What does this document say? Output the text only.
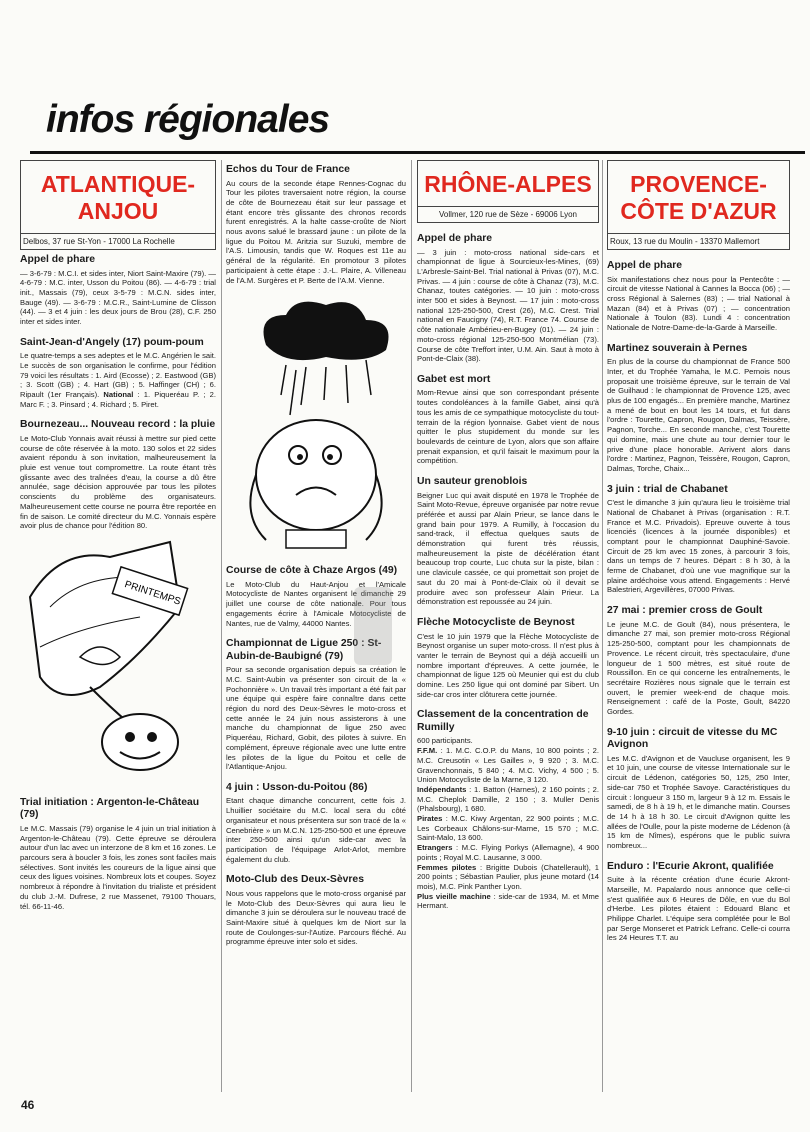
infos régionales
ATLANTIQUE-ANJOU
Delbos, 37 rue St-Yon - 17000 La Rochelle
Appel de phare

— 3-6-79 : M.C.I. et sides inter, Niort Saint-Maxire (79). — 4-6-79 : M.C. inter, Usson du Poitou (86). — 4-6-79 : trial init., Massais (79), ceux 3-5-79 : M.C.N. sides inter, Bauge (49). — 3-6-79 : M.C.R., Saint-Lumine de Clisson (44). — 3 et 4 juin : les deux jours de Brou (28), C.F. 250 inter et sides inter.

Saint-Jean-d'Angely (17) poum-poum

Le quatre-temps a ses adeptes et le M.C. Angérien le sait. Le succès de son organisation le confirme, pour l'édition 79 voici les résultats : 1. Aird (Ecosse) ; 2. Eastwood (GB) ; 3. Scott (GB) ; 4. Hart (GB) ; 5. Haffinger (CH) ; 6. Ripault (1er Français). National : 1. Piqueréau P. ; 2. Marc F. ; 3. Pinsard ; 4. Richard ; 5. Piret.

Bournezeau... Nouveau record : la pluie

Le Moto-Club Yonnais avait réussi à mettre sur pied cette course de côte réservée à la moto. 130 solos et 22 sides avaient répondu à son invitation, malheureusement la pluie est venue tout compromettre. La route étant très glissante avec des traînées d'eau, la course a dû être annulée, sage décision approuvée par tous les pilotes conscients du problème des organisateurs. Malheureusement cette course ne pourra être reportée en fin de saison. Le comité directeur du M.C. Yonnais espère avoir plus de chance pour l'édition 80.

PRINTEMPS
Trial initiation : Argenton-le-Château (79)

Le M.C. Massais (79) organise le 4 juin un trial initiation à Argenton-le-Château (79). Cette épreuve se déroulera autour d'un lac avec un interzone de 8 km et 16 zones. Le parcours sera à boucler 3 fois, les zones sont faciles mais sélectives. Sont invités les coureurs de la ligue ainsi que ceux des ligues voisines. Nombreux lots et coupes. Soyez nombreux à répondre à l'invitation du trialiste et président du club J.-M. Dufrese, 2 rue Massenet, 79100 Thouars, tél. 66-11-46.

Echos du Tour de France

Au cours de la seconde étape Rennes-Cognac du Tour les pilotes traversaient notre région, la course de côte de Bournezeau était sur leur passage et étant encore très glissante des chronos records furent enregistrés. A la halte casse-croûte de Niort nous avons salué le brassard jaune : un pilote de la ligue du Poitou M. Aritzia sur Suzuki, membre de l'A.S. Limousin, tandis que W. Roques est 11e au général de la régularité. En promotour 3 pilotes participaient à cette étape : J.-L. Plaire, A. Villeneau de l'A.M. Surgères et P. Berte de l'A.M. Vienne.

Course de côte à Chaze Argos (49)

Le Moto-Club du Haut-Anjou et l'Amicale Motocycliste de Nantes organisent le dimanche 29 juillet une course de côte nationale. Pour tous engagements écrire à l'Amicale Motocycliste de Nantes, rue de Valmy, 44000 Nantes.

Championnat de Ligue 250 : St-Aubin-de-Baubigné (79)

Pour sa seconde organisation depuis sa création le M.C. Saint-Aubin va présenter son circuit de la « Pochonnière ». Un travail très important a été fait par une équipe qui espère faire connaître dans cette région du nord des Deux-Sèvres le moto-cross et cette année le 24 juin nous assisterons à une manche du championnat de ligue 250 avec Piqueréau, Richard, Gobit, des pilotes à suivre. En complément, épreuve régionale avec une lutte entre les pilotes de la ligue du Poitou et celle de l'Atlantique-Anjou.

4 juin : Usson-du-Poitou (86)

Etant chaque dimanche concurrent, cette fois J. Lhuillier sociétaire du M.C. local sera du côté organisateur et nous présentera sur son tracé de la « Cenebrière » un M.C.N. 125-250-500 et une épreuve inter 250-500 ainsi qu'un side-car avec la participation de l'équipage Arlot-Arlot, membre également du club.

Moto-Club des Deux-Sèvres

Nous vous rappelons que le moto-cross organisé par le Moto-Club des Deux-Sèvres qui aura lieu le dimanche 3 juin se déroulera sur le nouveau tracé de Saint-Maxire situé à quelques km de Niort sur la route de Coulonges-sur-l'Autize. Parcours fléché. Au programme épreuve inter solo et sides.

RHÔNE-ALPES
Vollmer, 120 rue de Sèze - 69006 Lyon
Appel de phare

— 3 juin : moto-cross national side-cars et championnat de ligue à Sourcieux-les-Mines, (69) L'Arbresle-Saint-Bel. Trial national à Privas (07), M.C. Privas. — 4 juin : course de côte à Chanaz (73), M.C. Chanaz, toutes catégories. — 10 juin : moto-cross inter 500 et sides à Beynost. — 17 juin : moto-cross national 125-250-500, Crest (26), M.C. Crest. Trial national en Faucigny (74), R.T. France 74. Course de côte nationale Ambérieu-en-Bugey (01). — 24 juin : moto-cross régional 125-250-500 Montmélian (73). Course de côte Treffort inter, U.M. Ain. Saut à moto à Pont-de-Claix (38).

Gabet est mort

Mom-Revue ainsi que son correspondant présente toutes condoléances à la famille Gabet, ainsi qu'à tous les amis de ce sympathique motocycliste du tout-terrain de la région lyonnaise. Gabet vient de nous quitter le plus stupidement du monde sur les boulevards de ceinture de Lyon, alors que son affaire prenait expansion, et qu'il faisait le maximum pour la compétition.

Un sauteur grenoblois

Beigner Luc qui avait disputé en 1978 le Trophée de Saint Moto-Revue, épreuve organisée par notre revue préférée et aussi par Alain Prieur, se lance dans le grand bain pour 1979. A Rumilly, à l'occasion du sand-track, il effectua quelques sauts de démonstration qui furent très réussis, malheureusement la piste de décélération étant beaucoup trop courte, Luc chuta sur la piste, bilan : une clavicule cassée, ce qui promettait son projet de saut du 20 mai à Pont-de-Claix où il devait se produire avec son professeur Alain Prieur. La démonstration est repoussée au 24 juin.

Flèche Motocycliste de Beynost

C'est le 10 juin 1979 que la Flèche Motocycliste de Beynost organise un super moto-cross. Il n'est plus à vanter le terrain de Beynost qui a déjà accueilli un nombre important d'épreuves. A cette journée, le championnat de ligue 125 où Meunier qui est du club domine. Les 250 ligue qui ont dominé par Sibert. Un side-car cros inter clôturera cette journée.

Classement de la concentration de Rumilly

600 participants.
F.F.M. : 1. M.C. C.O.P. du Mans, 10 800 points ; 2. M.C. Creusotin « Les Gailles », 9 920 ; 3. M.C. Gravenchonnais, 5 840 ; 4. M.C. Vichy, 4 500 ; 5. Union Motocycliste de la Marne, 3 120.
Indépendants : 1. Batton (Harnes), 2 160 points ; 2. M.C. Cheplok Damille, 2 150 ; 3. Muller Denis (Phalsbourg), 1 680.
Pirates : M.C. Kiwy Argentan, 22 900 points ; M.C. Les Corbeaux Châlons-sur-Marne, 15 570 ; M.C. Saint-Malo, 13 600.
Etrangers : M.C. Flying Porkys (Allemagne), 4 900 points ; Royal M.C. Lausanne, 3 000.
Femmes pilotes : Brigitte Dubois (Chatellerault), 1 200 points ; Sébastian Paulier, plus jeune motard (14 mois), M.C. Pink Panther Lyon.
Plus vieille machine : side-car de 1934, M. et Mme Hermant.

PROVENCE-CÔTE D'AZUR
Roux, 13 rue du Moulin - 13370 Mallemort
Appel de phare

Six manifestations chez nous pour la Pentecôte : — circuit de vitesse National à Cannes la Bocca (06) ; — cross Régional à Salernes (83) ; — trial National à Mazan (84) et à Privas (07) ; — concentration Nationale à Toulon (83). Lundi 4 : concentration Nationale de Notre-Dame-de-la-Garde à Marseille.

Martinez souverain à Pernes

En plus de la course du championnat de France 500 Inter, et du Trophée Yamaha, le M.C. Pernois nous proposait une troisième épreuve, sur le terrain de Val de Guilhaud : le championnat de Provence 125, avec plus de 100 engagés... En première manche, Martinez a mené de bout en bout les 14 tours, et fut dans l'ordre : Tourette, Capron, Rougon, Dalmas, Teissère, Pagnon, Torche... En seconde manche, c'est Tourette qui domine, mais une chute au tour dernier tour le prive d'une place honorable. Arrivent alors dans l'ordre : Martinez, Pagnon, Teissère, Rougon, Capron, Dalmas, Torche, Chaix...

3 juin : trial de Chabanet

C'est le dimanche 3 juin qu'aura lieu le troisième trial National de Chabanet à Privas (organisation : R.T. France et M.C. Privadois). Epreuve ouverte à tous licenciés (licences à la journée disponibles) et comptant pour le championnat Dauphiné-Savoie. Circuit de 25 km avec 15 zones, à parcourir 3 fois, dans un temps de 7 heures. Départ : 8 h 30, à la ferme de Chabanet, d'où une vue magnifique sur la plaine ardéchoise vous attend. Engagements : Hervé Balestrieri, Argevillères, 07000 Privas.

27 mai : premier cross de Goult

Le jeune M.C. de Goult (84), nous présentera, le dimanche 27 mai, son premier moto-cross Régional 125-250-500, comptant pour les championnats de Provence. Le récent circuit, très spectaculaire, d'une longueur de 1 500 mètres, est situé route de Roussillon. En ce qui concerne les entraînements, le secrétaire Rozières nous signale que le terrain est ouvert, le premier week-end de chaque mois. Renseignement : café de la Poste, Goult, 84220 Gordes.

9-10 juin : circuit de vitesse du MC Avignon

Les M.C. d'Avignon et de Vaucluse organisent, les 9 et 10 juin, une course de vitesse Internationale sur le circuit de Lédenon, catégories 50, 125, 250 Inter, side-car 750 et Trophée Savoye. Caractéristiques du circuit : longueur 3 150 m, largeur 9 à 12 m. Essais le samedi, de 8 h à 19 h, et le dimanche matin. Courses de 14 h à 18 h 30. Le circuit d'Avignon quitte les allées de l'Oulle, pour la piste moderne de Lédenon (à 15 km de Nîmes), espérons que le public suivra nombreux...

Enduro : l'Ecurie Akront, qualifiée

Suite à la récente création d'une écurie Akront-Marseille, M. Papalardo nous annonce que celle-ci s'est qualifiée aux 6 Heures de Dôle, en vue du Bol d'Herbe. Les pilotes étaient : Edouard Blanc et Philippe Charlet. L'équipe sera complétée pour le Bol par Serge Monseret et Patrick Lefranc. Celle-ci courra les 24 Heures T.T. au

46
